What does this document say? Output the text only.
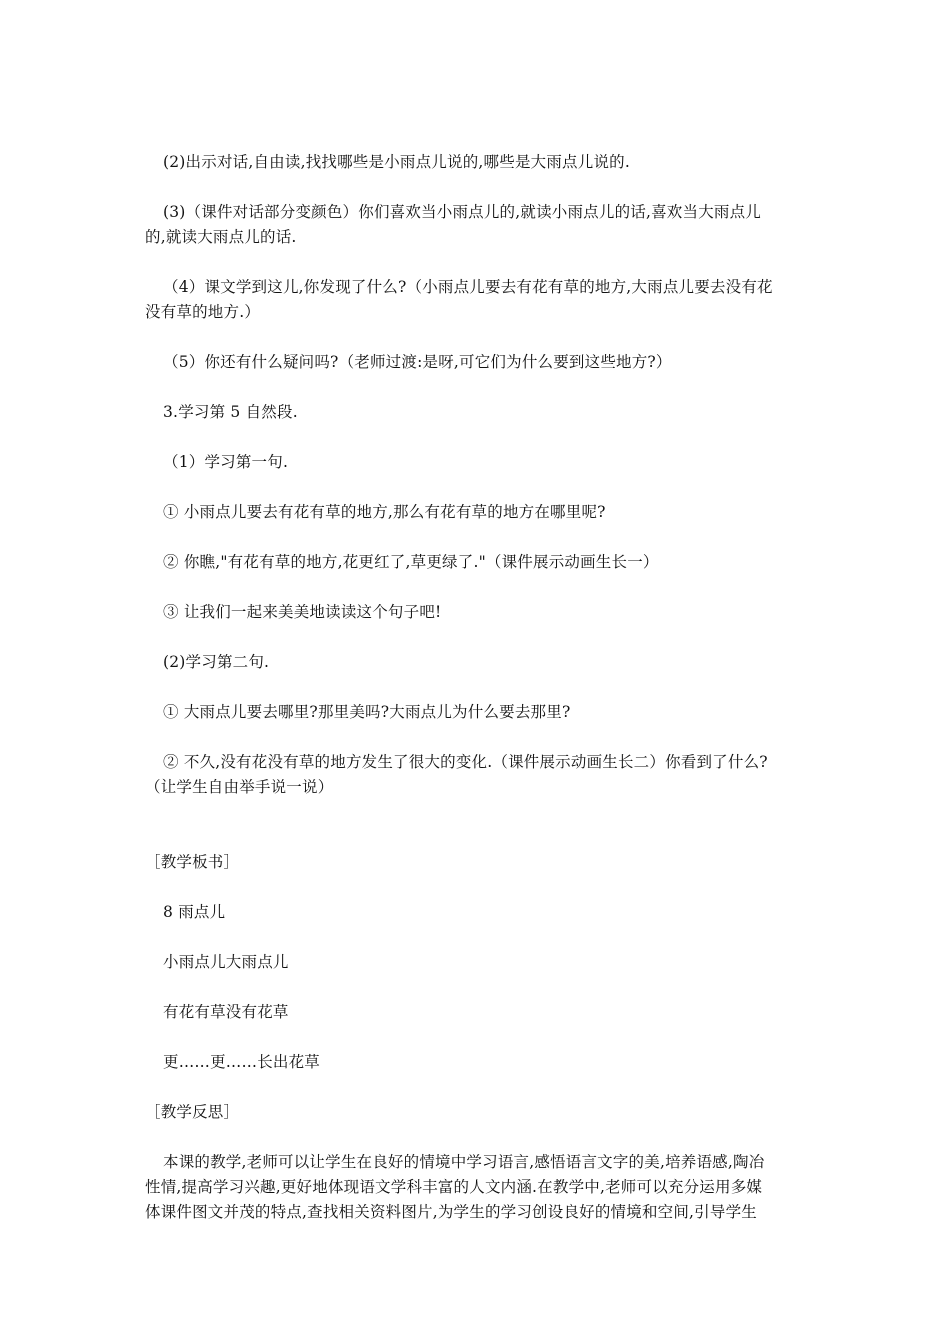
(2)出示对话,自由读,找找哪些是小雨点儿说的,哪些是大雨点儿说的.
(3)（课件对话部分变颜色）你们喜欢当小雨点儿的,就读小雨点儿的话,喜欢当大雨点儿
的,就读大雨点儿的话.
（4）课文学到这儿,你发现了什么?（小雨点儿要去有花有草的地方,大雨点儿要去没有花
没有草的地方.）
（5）你还有什么疑问吗?（老师过渡:是呀,可它们为什么要到这些地方?）
3.学习第 5 自然段.
（1）学习第一句.
① 小雨点儿要去有花有草的地方,那么有花有草的地方在哪里呢?
② 你瞧,"有花有草的地方,花更红了,草更绿了."（课件展示动画生长一）
③ 让我们一起来美美地读读这个句子吧!
(2)学习第二句.
① 大雨点儿要去哪里?那里美吗?大雨点儿为什么要去那里?
② 不久,没有花没有草的地方发生了很大的变化.（课件展示动画生长二）你看到了什么?
（让学生自由举手说一说）
［教学板书］
8 雨点儿
小雨点儿大雨点儿
有花有草没有花草
更……更……长出花草
［教学反思］
本课的教学,老师可以让学生在良好的情境中学习语言,感悟语言文字的美,培养语感,陶冶
性情,提高学习兴趣,更好地体现语文学科丰富的人文内涵.在教学中,老师可以充分运用多媒
体课件图文并茂的特点,查找相关资料图片,为学生的学习创设良好的情境和空间,引导学生
